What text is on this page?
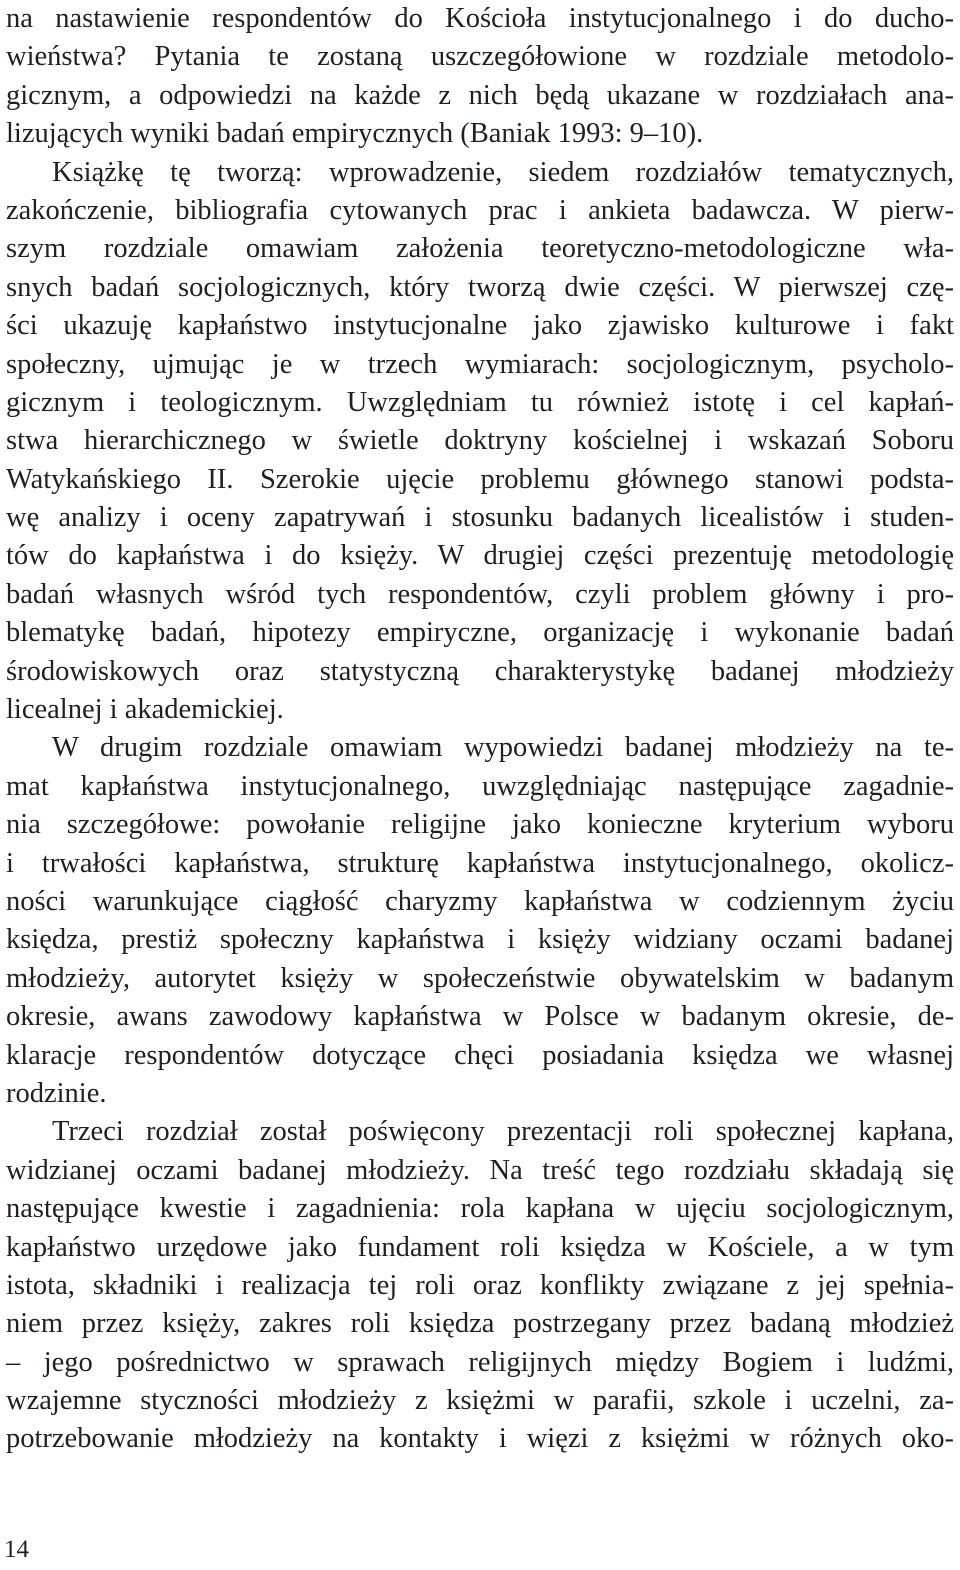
na nastawienie respondentów do Kościoła instytucjonalnego i do ducho-
wieństwa? Pytania te zostaną uszczegółowione w rozdziale metodolo-
gicznym, a odpowiedzi na każde z nich będą ukazane w rozdziałach ana-
lizujących wyniki badań empirycznych (Baniak 1993: 9–10).
Książkę tę tworzą: wprowadzenie, siedem rozdziałów tematycznych,
zakończenie, bibliografia cytowanych prac i ankieta badawcza. W pierw-
szym rozdziale omawiam założenia teoretyczno-metodologiczne wła-
snych badań socjologicznych, który tworzą dwie części. W pierwszej czę-
ści ukazuję kapłaństwo instytucjonalne jako zjawisko kulturowe i fakt
społeczny, ujmując je w trzech wymiarach: socjologicznym, psycholo-
gicznym i teologicznym. Uwzględniam tu również istotę i cel kapłań-
stwa hierarchicznego w świetle doktryny kościelnej i wskazań Soboru
Watykańskiego II. Szerokie ujęcie problemu głównego stanowi podsta-
wę analizy i oceny zapatrywań i stosunku badanych licealistów i studen-
tów do kapłaństwa i do księży. W drugiej części prezentuję metodologię
badań własnych wśród tych respondentów, czyli problem główny i pro-
blematykę badań, hipotezy empiryczne, organizację i wykonanie badań
środowiskowych oraz statystyczną charakterystykę badanej młodzieży
licealnej i akademickiej.
W drugim rozdziale omawiam wypowiedzi badanej młodzieży na te-
mat kapłaństwa instytucjonalnego, uwzględniając następujące zagadnie-
nia szczegółowe: powołanie religijne jako konieczne kryterium wyboru
i trwałości kapłaństwa, strukturę kapłaństwa instytucjonalnego, okolicz-
ności warunkujące ciągłość charyzmy kapłaństwa w codziennym życiu
księdza, prestiż społeczny kapłaństwa i księży widziany oczami badanej
młodzieży, autorytet księży w społeczeństwie obywatelskim w badanym
okresie, awans zawodowy kapłaństwa w Polsce w badanym okresie, de-
klaracje respondentów dotyczące chęci posiadania księdza we własnej
rodzinie.
Trzeci rozdział został poświęcony prezentacji roli społecznej kapłana,
widzianej oczami badanej młodzieży. Na treść tego rozdziału składają się
następujące kwestie i zagadnienia: rola kapłana w ujęciu socjologicznym,
kapłaństwo urzędowe jako fundament roli księdza w Kościele, a w tym
istota, składniki i realizacja tej roli oraz konflikty związane z jej spełnia-
niem przez księży, zakres roli księdza postrzegany przez badaną młodzież
– jego pośrednictwo w sprawach religijnych między Bogiem i ludźmi,
wzajemne styczności młodzieży z księżmi w parafii, szkole i uczelni, za-
potrzebowanie młodzieży na kontakty i więzi z księżmi w różnych oko-
14
